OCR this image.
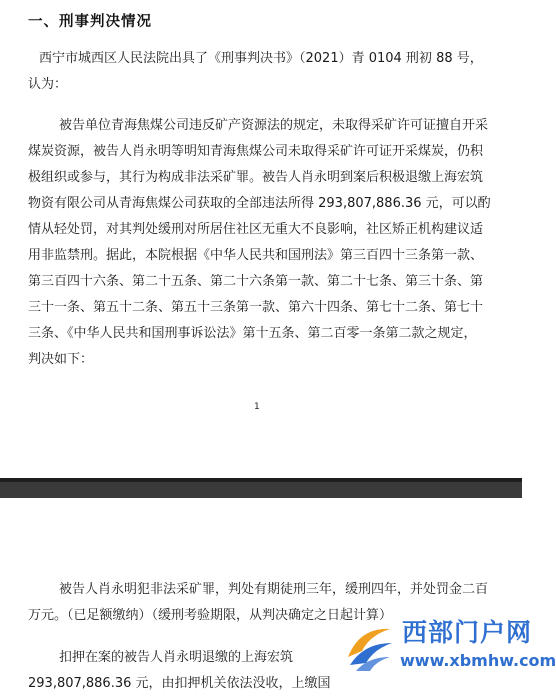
一、刑事判决情况
西宁市城西区人民法院出具了《刑事判决书》（2021）青 0104 刑初 88 号，
认为：
被告单位青海焦煤公司违反矿产资源法的规定，未取得采矿许可证擅自开采
煤炭资源，被告人肖永明等明知青海焦煤公司未取得采矿许可证开采煤炭，仍积
极组织或参与，其行为构成非法采矿罪。被告人肖永明到案后积极退缴上海宏筑
物资有限公司从青海焦煤公司获取的全部违法所得 293,807,886.36 元，可以酌
情从轻处罚，对其判处缓刑对所居住社区无重大不良影响，社区矫正机构建议适
用非监禁刑。据此，本院根据《中华人民共和国刑法》第三百四十三条第一款、
第三百四十六条、第二十五条、第二十六条第一款、第二十七条、第三十条、第
三十一条、第五十二条、第五十三条第一款、第六十四条、第七十二条、第七十
三条、《中华人民共和国刑事诉讼法》第十五条、第二百零一条第二款之规定，
判决如下：
1
被告人肖永明犯非法采矿罪，判处有期徒刑三年，缓刑四年，并处罚金二百
万元。（已足额缴纳）（缓刑考验期限，从判决确定之日起计算）
扣押在案的被告人肖永明退缴的上海宏筑
293,807,886.36 元，由扣押机关依法没收，上缴国
西部门户网
www.xbmhw.com
